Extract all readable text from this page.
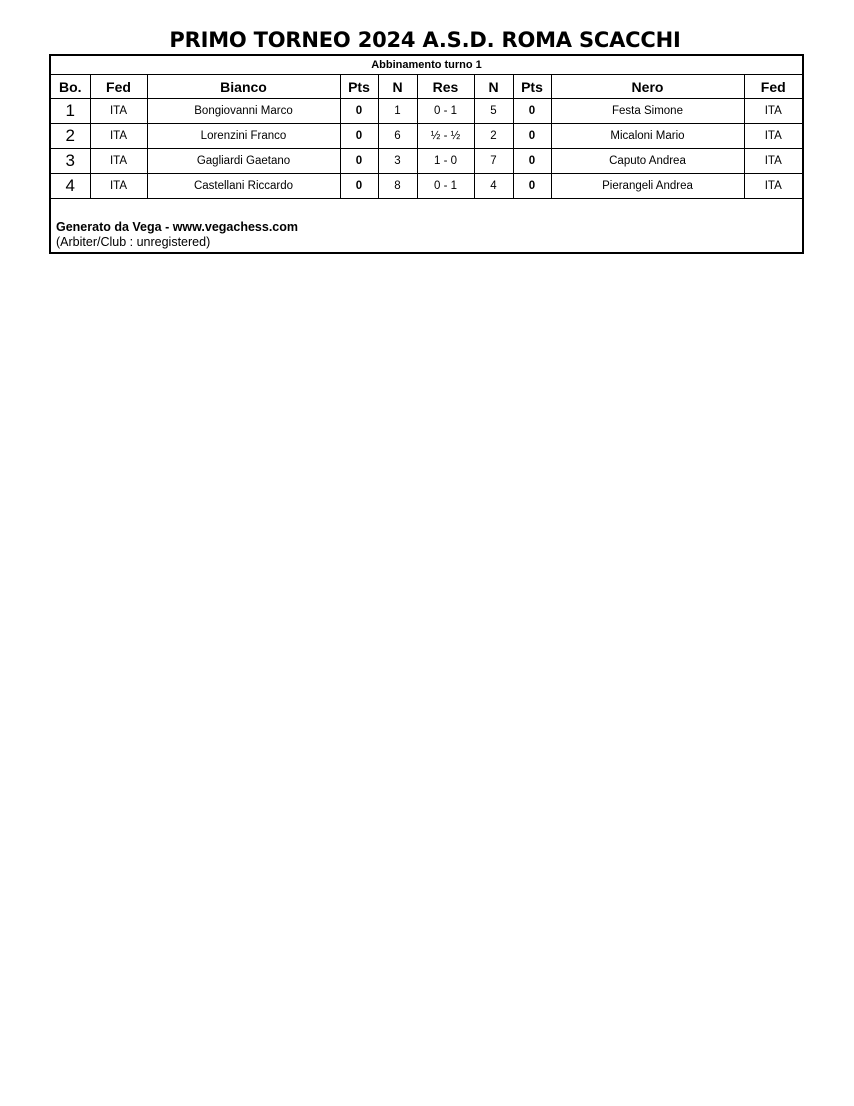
PRIMO TORNEO 2024 A.S.D. ROMA SCACCHI
Abbinamento turno 1
Bo.	Fed	Bianco	Pts	N	Res	N	Pts	Nero	Fed
1	ITA	Bongiovanni Marco	0	1	0 - 1	5	0	Festa Simone	ITA
2	ITA	Lorenzini Franco	0	6	½ - ½	2	0	Micaloni Mario	ITA
3	ITA	Gagliardi Gaetano	0	3	1 - 0	7	0	Caputo Andrea	ITA
4	ITA	Castellani Riccardo	0	8	0 - 1	4	0	Pierangeli Andrea	ITA
Generato da Vega - www.vegachess.com
(Arbiter/Club : unregistered)
